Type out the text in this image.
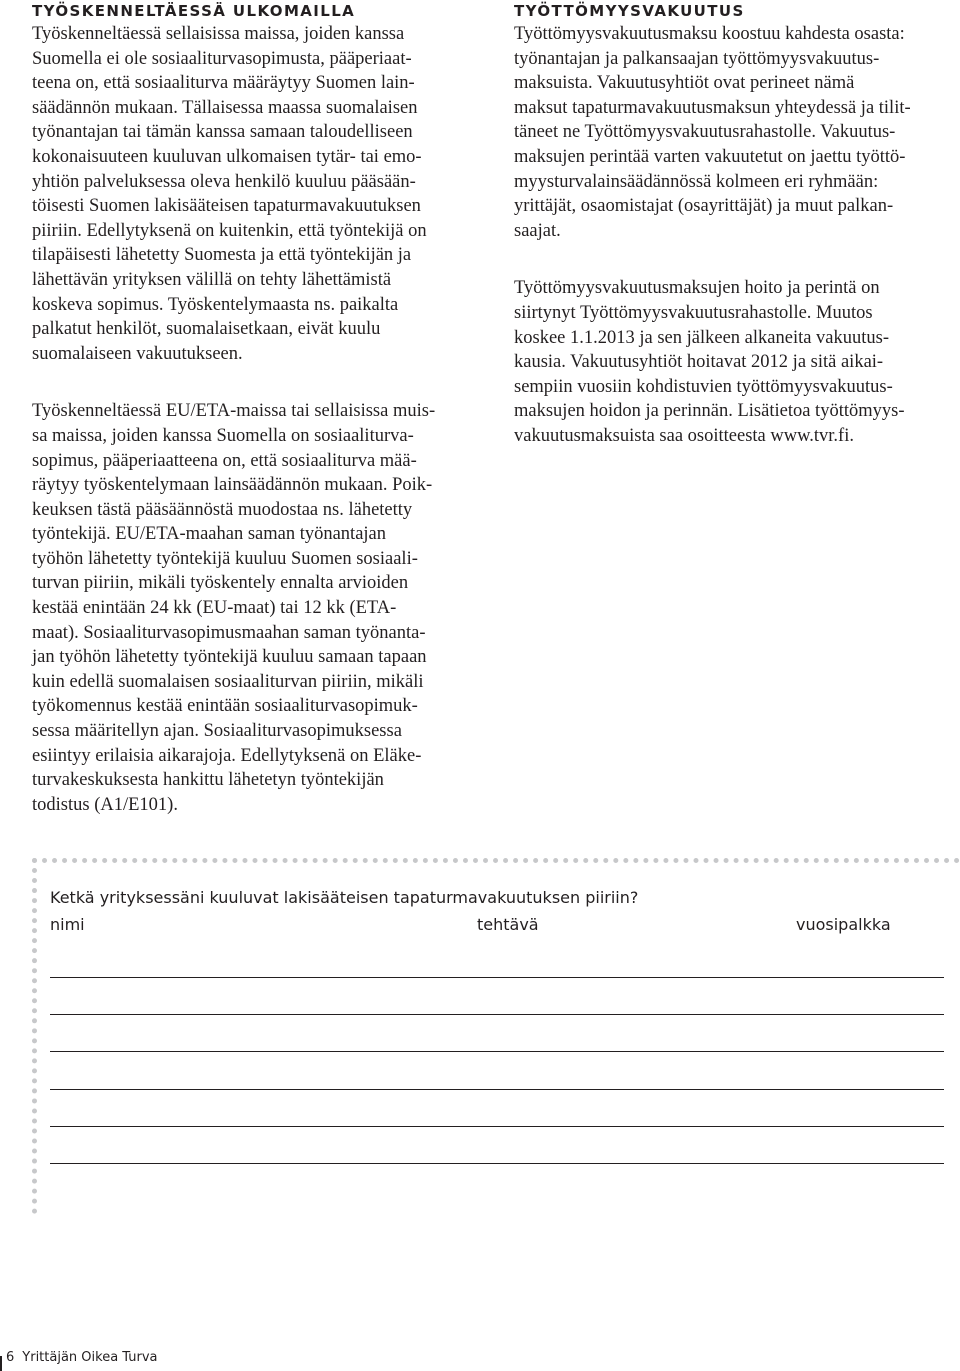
TYÖSKENNELTÄESSÄ ULKOMAILLA

Työskenneltäessä sellaisissa maissa, joiden kanssa
Suomella ei ole sosiaaliturvasopimusta, pääperiaat-
teena on, että sosiaaliturva määräytyy Suomen lain-
säädännön mukaan. Tällaisessa maassa suomalaisen
työnantajan tai tämän kanssa samaan taloudelliseen
kokonaisuuteen kuuluvan ulkomaisen tytär- tai emo-
yhtiön palveluksessa oleva henkilö kuuluu pääsään-
töisesti Suomen lakisääteisen tapaturmavakuutuksen
piiriin. Edellytyksenä on kuitenkin, että työntekijä on
tilapäisesti lähetetty Suomesta ja että työntekijän ja
lähettävän yrityksen välillä on tehty lähettämistä
koskeva sopimus. Työskentelymaasta ns. paikalta
palkatut henkilöt, suomalaisetkaan, eivät kuulu
suomalaiseen vakuutukseen.

Työskenneltäessä EU/ETA-maissa tai sellaisissa muis-
sa maissa, joiden kanssa Suomella on sosiaaliturva-
sopimus, pääperiaatteena on, että sosiaaliturva mää-
räytyy työskentelymaan lainsäädännön mukaan. Poik-
keuksen tästä pääsäännöstä muodostaa ns. lähetetty
työntekijä. EU/ETA-maahan saman työnantajan
työhön lähetetty työntekijä kuuluu Suomen sosiaali-
turvan piiriin, mikäli työskentely ennalta arvioiden
kestää enintään 24 kk (EU-maat) tai 12 kk (ETA-
maat). Sosiaaliturvasopimusmaahan saman työnanta-
jan työhön lähetetty työntekijä kuuluu samaan tapaan
kuin edellä suomalaisen sosiaaliturvan piiriin, mikäli
työkomennus kestää enintään sosiaaliturvasopimuk-
sessa määritellyn ajan. Sosiaaliturvasopimuksessa
esiintyy erilaisia aikarajoja. Edellytyksenä on Eläke-
turvakeskuksesta hankittu lähetetyn työntekijän
todistus (A1/E101).

TYÖTTÖMYYSVAKUUTUS

Työttömyysvakuutusmaksu koostuu kahdesta osasta:
työnantajan ja palkansaajan työttömyysvakuutus-
maksuista. Vakuutusyhtiöt ovat perineet nämä
maksut tapaturmavakuutusmaksun yhteydessä ja tilit-
täneet ne Työttömyysvakuutusrahastolle. Vakuutus-
maksujen perintää varten vakuutetut on jaettu työttö-
myysturvalainsäädännössä kolmeen eri ryhmään:
yrittäjät, osaomistajat (osayrittäjät) ja muut palkan-
saajat.

Työttömyysvakuutusmaksujen hoito ja perintä on
siirtynyt Työttömyysvakuutusrahastolle. Muutos
koskee 1.1.2013 ja sen jälkeen alkaneita vakuutus-
kausia. Vakuutusyhtiöt hoitavat 2012 ja sitä aikai-
sempiin vuosiin kohdistuvien työttömyysvakuutus-
maksujen hoidon ja perinnän. Lisätietoa työttömyys-
vakuutusmaksuista saa osoitteesta www.tvr.fi.

Ketkä yrityksessäni kuuluvat lakisääteisen tapaturmavakuutuksen piiriin?
nimi	tehtävä	vuosipalkka
6 Yrittäjän Oikea Turva
